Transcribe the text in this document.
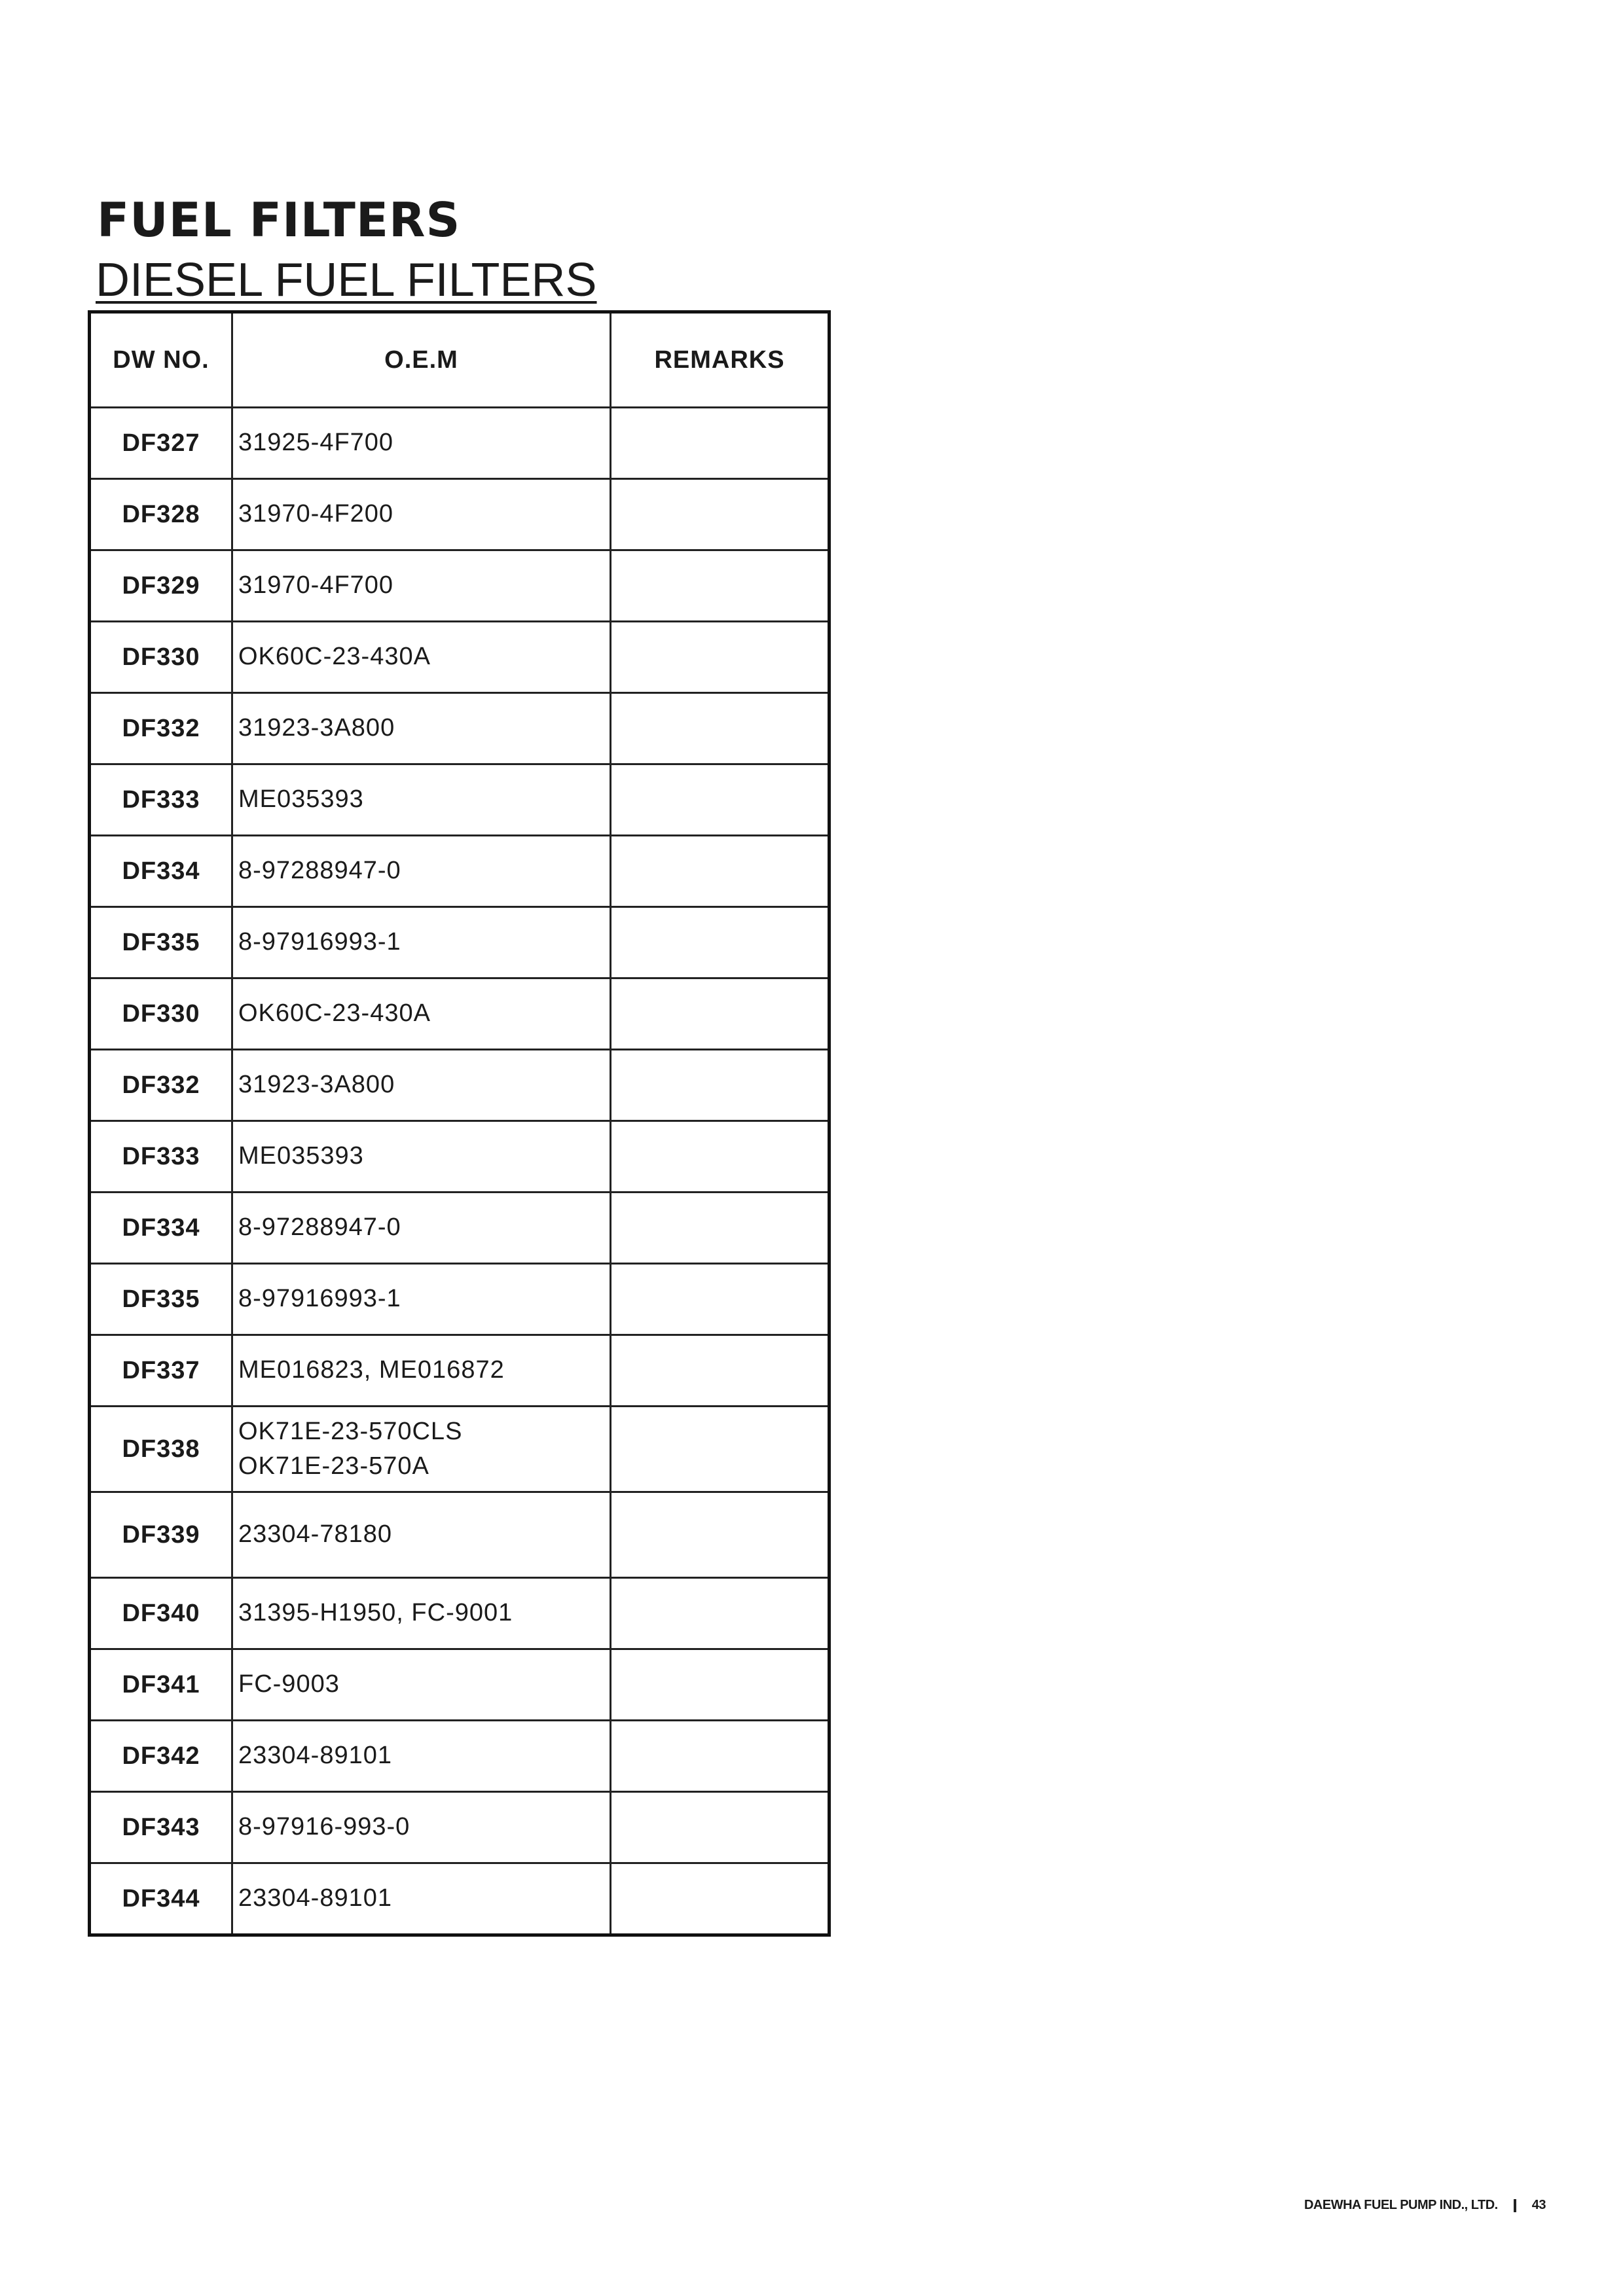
FUEL FILTERS
DIESEL FUEL FILTERS
DW NO.	O.E.M	REMARKS
DF327	31925-4F700	
DF328	31970-4F200	
DF329	31970-4F700	
DF330	OK60C-23-430A	
DF332	31923-3A800	
DF333	ME035393	
DF334	8-97288947-0	
DF335	8-97916993-1	
DF330	OK60C-23-430A	
DF332	31923-3A800	
DF333	ME035393	
DF334	8-97288947-0	
DF335	8-97916993-1	
DF337	ME016823, ME016872	
DF338	OK71E-23-570CLS
OK71E-23-570A	
DF339	23304-78180	
DF340	31395-H1950, FC-9001	
DF341	FC-9003	
DF342	23304-89101	
DF343	8-97916-993-0	
DF344	23304-89101	
DAEWHA FUEL PUMP IND., LTD.	43
